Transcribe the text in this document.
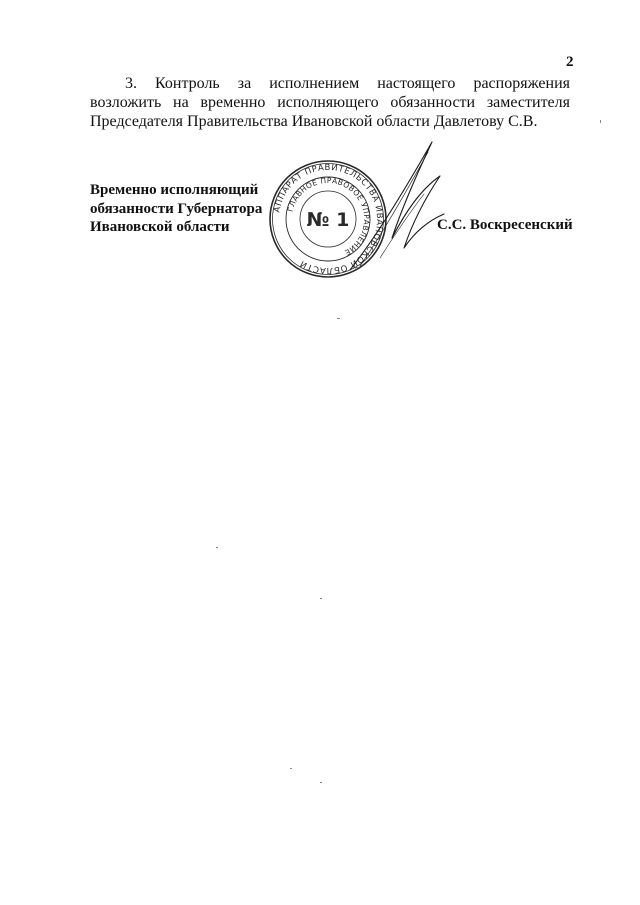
2

3. Контроль за исполнением настоящего распоряжения возложить на временно исполняющего обязанности заместителя Председателя Правительства Ивановской области Давлетову С.В.

Временно исполняющий
обязанности Губернатора
Ивановской области
АППАРАТ ПРАВИТЕЛЬСТВА ИВАНОВСКОЙ ОБЛАСТИ
ГЛАВНОЕ ПРАВОВОЕ УПРАВЛЕНИЕ
№ 1	С.С. Воскресенский
